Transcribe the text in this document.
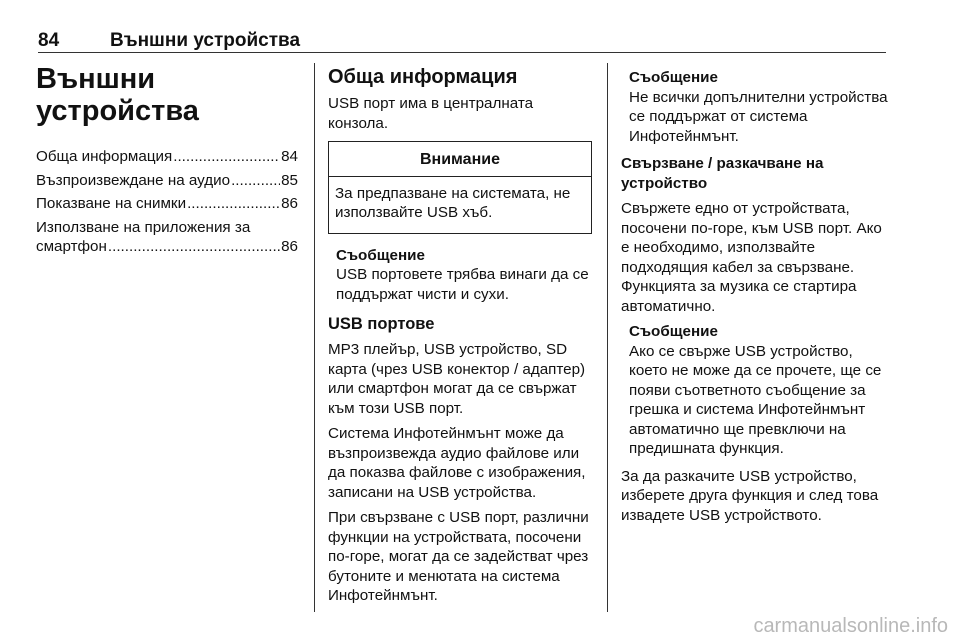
84	Външни устройства
Външни устройства
Обща информация .....	84
Възпроизвеждане на аудио .....	85
Показване на снимки .....	86
Използване на приложения за
смартфон .....	86
Обща информация

USB порт има в централната конзола.

Внимание
За предпазване на системата, не използвайте USB хъб.
Съобщение
USB портовете трябва винаги да се поддържат чисти и сухи.
USB портове

MP3 плейър, USB устройство, SD карта (чрез USB конектор / адаптер) или смартфон могат да се свържат към този USB порт.

Система Инфотейнмънт може да възпроизвежда аудио файлове или да показва файлове с изображения, записани на USB устройства.

При свързване с USB порт, различни функции на устройствата, посочени по-горе, могат да се задействат чрез бутоните и менютата на система Инфотейнмънт.

Съобщение
Не всички допълнителни устройства се поддържат от система Инфотейнмънт.

Свързване / разкачване на устройство

Свържете едно от устройствата, посочени по-горе, към USB порт. Ако е необходимо, използвайте подходящия кабел за свързване. Функцията за музика се стартира автоматично.

Съобщение
Ако се свърже USB устройство, което не може да се прочете, ще се появи съответното съобщение за грешка и система Инфотейнмънт автоматично ще превключи на предишната функция.

За да разкачите USB устройство, изберете друга функция и след това извадете USB устройството.

carmanualsonline.info
